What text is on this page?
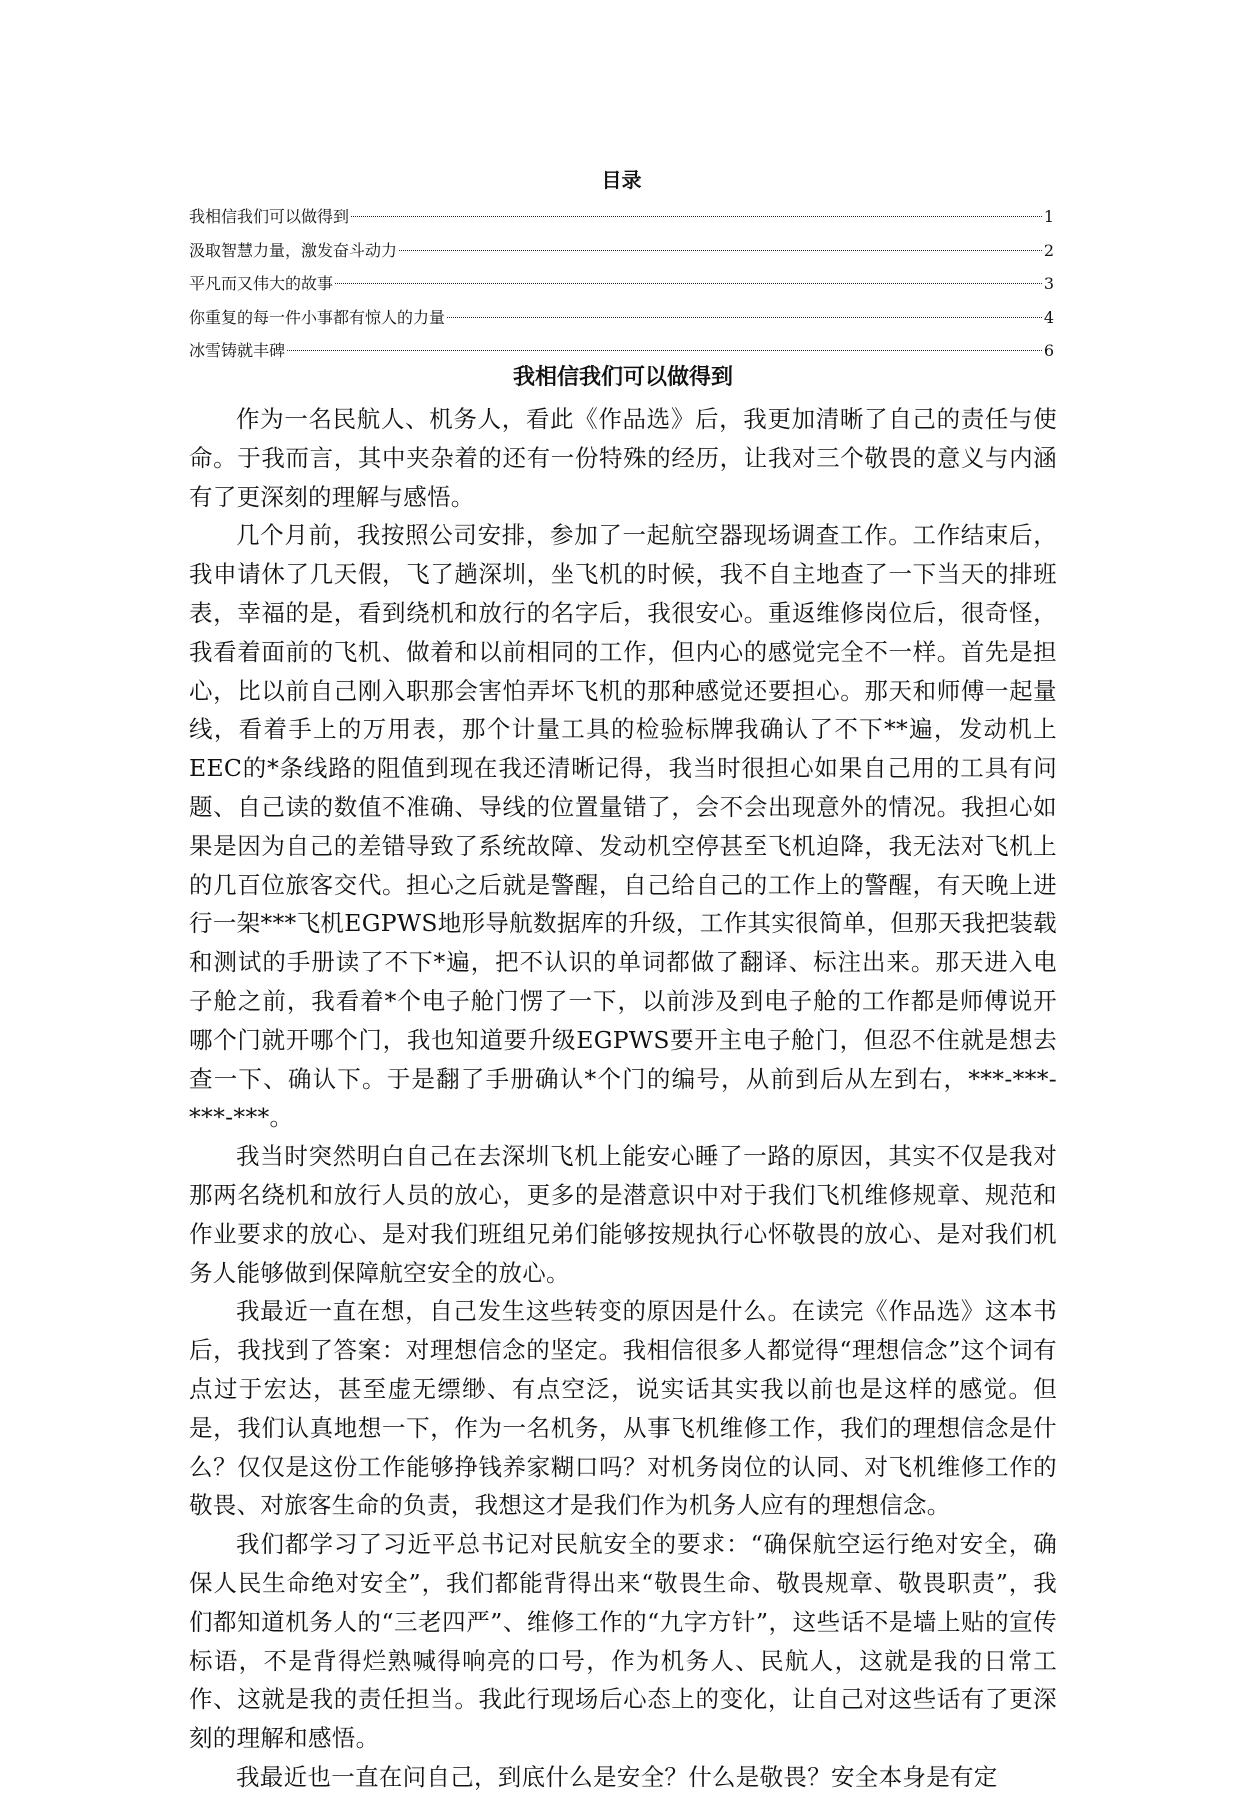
目录
我相信我们可以做得到	1
汲取智慧力量，激发奋斗动力	2
平凡而又伟大的故事	3
你重复的每一件小事都有惊人的力量	4
冰雪铸就丰碑	6
我相信我们可以做得到

作为一名民航人、机务人，看此《作品选》后，我更加清晰了自己的责任与使命。于我而言，其中夹杂着的还有一份特殊的经历，让我对三个敬畏的意义与内涵有了更深刻的理解与感悟。

几个月前，我按照公司安排，参加了一起航空器现场调查工作。工作结束后，我申请休了几天假，飞了趟深圳，坐飞机的时候，我不自主地查了一下当天的排班表，幸福的是，看到绕机和放行的名字后，我很安心。重返维修岗位后，很奇怪，我看着面前的飞机、做着和以前相同的工作，但内心的感觉完全不一样。首先是担心，比以前自己刚入职那会害怕弄坏飞机的那种感觉还要担心。那天和师傅一起量线，看着手上的万用表，那个计量工具的检验标牌我确认了不下**遍，发动机上EEC的*条线路的阻值到现在我还清晰记得，我当时很担心如果自己用的工具有问题、自己读的数值不准确、导线的位置量错了，会不会出现意外的情况。我担心如果是因为自己的差错导致了系统故障、发动机空停甚至飞机迫降，我无法对飞机上的几百位旅客交代。担心之后就是警醒，自己给自己的工作上的警醒，有天晚上进行一架***飞机EGPWS地形导航数据库的升级，工作其实很简单，但那天我把装载和测试的手册读了不下*遍，把不认识的单词都做了翻译、标注出来。那天进入电子舱之前，我看着*个电子舱门愣了一下，以前涉及到电子舱的工作都是师傅说开哪个门就开哪个门，我也知道要升级EGPWS要开主电子舱门，但忍不住就是想去查一下、确认下。于是翻了手册确认*个门的编号，从前到后从左到右，***-***-***-***。

我当时突然明白自己在去深圳飞机上能安心睡了一路的原因，其实不仅是我对那两名绕机和放行人员的放心，更多的是潜意识中对于我们飞机维修规章、规范和作业要求的放心、是对我们班组兄弟们能够按规执行心怀敬畏的放心、是对我们机务人能够做到保障航空安全的放心。

我最近一直在想，自己发生这些转变的原因是什么。在读完《作品选》这本书后，我找到了答案：对理想信念的坚定。我相信很多人都觉得“理想信念”这个词有点过于宏达，甚至虚无缥缈、有点空泛，说实话其实我以前也是这样的感觉。但是，我们认真地想一下，作为一名机务，从事飞机维修工作，我们的理想信念是什么？仅仅是这份工作能够挣钱养家糊口吗？对机务岗位的认同、对飞机维修工作的敬畏、对旅客生命的负责，我想这才是我们作为机务人应有的理想信念。

我们都学习了习近平总书记对民航安全的要求：“确保航空运行绝对安全，确保人民生命绝对安全”，我们都能背得出来“敬畏生命、敬畏规章、敬畏职责”，我们都知道机务人的“三老四严”、维修工作的“九字方针”，这些话不是墙上贴的宣传标语，不是背得烂熟喊得响亮的口号，作为机务人、民航人，这就是我的日常工作、这就是我的责任担当。我此行现场后心态上的变化，让自己对这些话有了更深刻的理解和感悟。

我最近也一直在问自己，到底什么是安全？什么是敬畏？安全本身是有定
